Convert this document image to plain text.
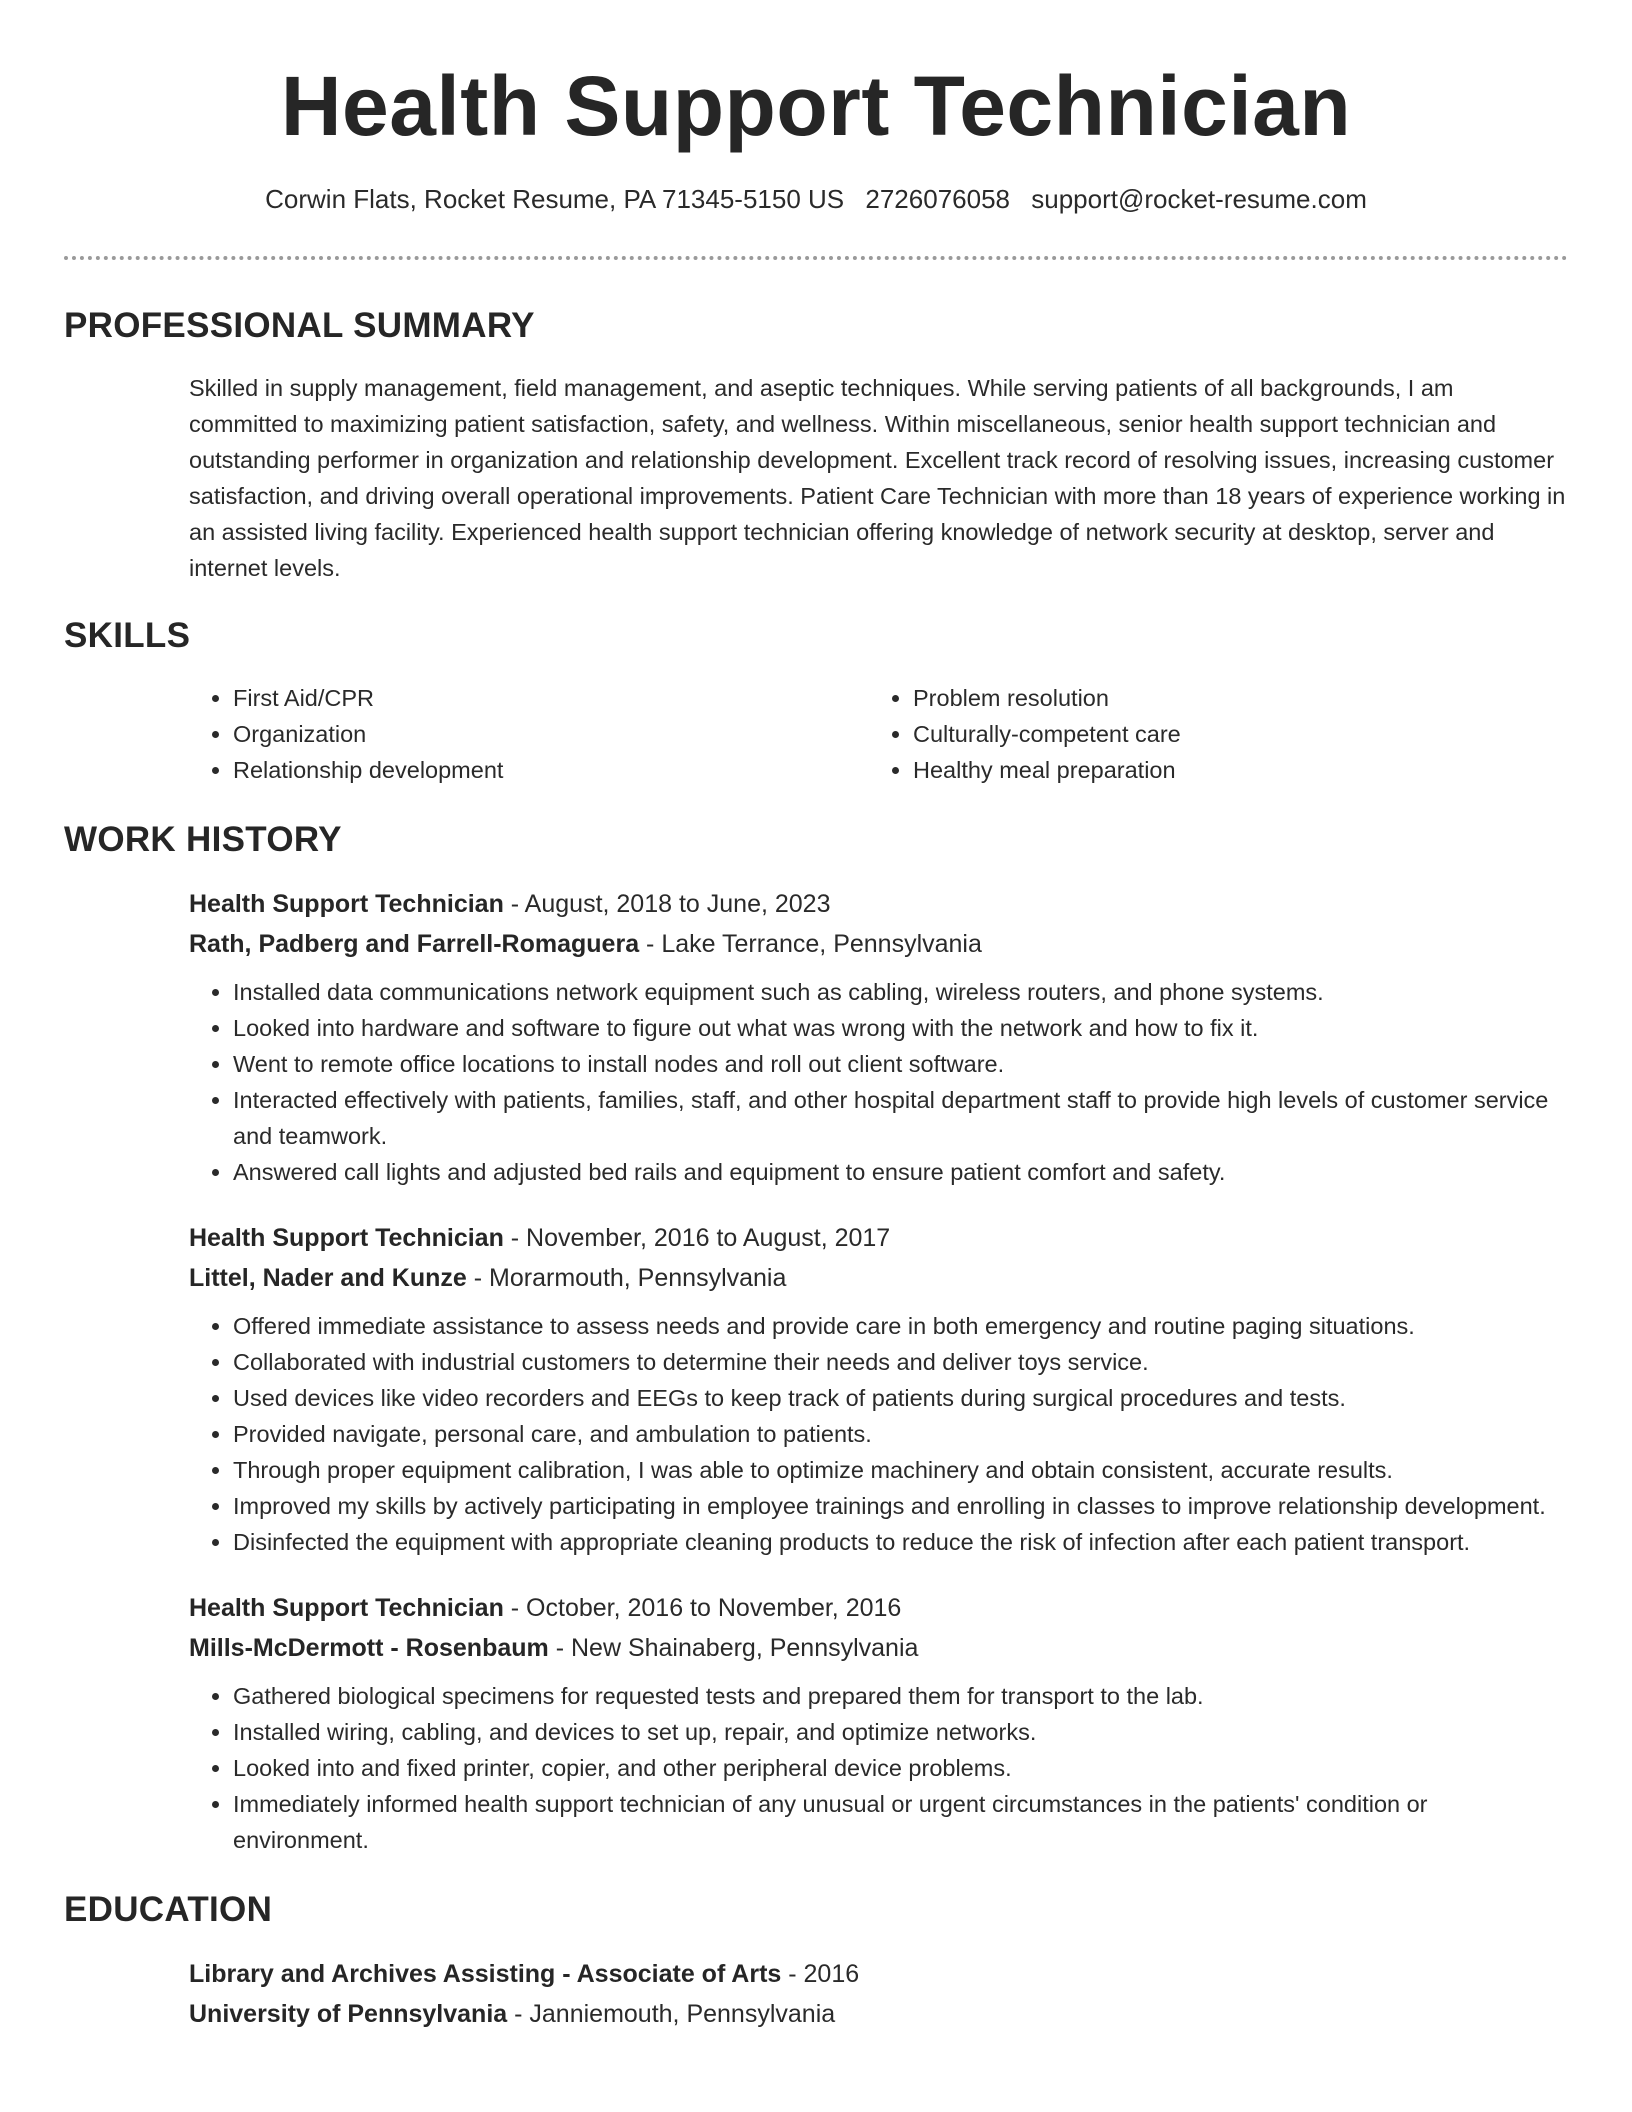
Health Support Technician
Corwin Flats, Rocket Resume, PA 71345-5150 US 2726076058 support@rocket-resume.com
PROFESSIONAL SUMMARY

Skilled in supply management, field management, and aseptic techniques. While serving patients of all backgrounds, I am committed to maximizing patient satisfaction, safety, and wellness. Within miscellaneous, senior health support technician and outstanding performer in organization and relationship development. Excellent track record of resolving issues, increasing customer satisfaction, and driving overall operational improvements. Patient Care Technician with more than 18 years of experience working in an assisted living facility. Experienced health support technician offering knowledge of network security at desktop, server and internet levels.

SKILLS
• First Aid/CPR
• Organization
• Relationship development
• Problem resolution
• Culturally-competent care
• Healthy meal preparation
WORK HISTORY
Health Support Technician - August, 2018 to June, 2023
Rath, Padberg and Farrell-Romaguera - Lake Terrance, Pennsylvania
• Installed data communications network equipment such as cabling, wireless routers, and phone systems.
• Looked into hardware and software to figure out what was wrong with the network and how to fix it.
• Went to remote office locations to install nodes and roll out client software.
• Interacted effectively with patients, families, staff, and other hospital department staff to provide high levels of customer service and teamwork.
• Answered call lights and adjusted bed rails and equipment to ensure patient comfort and safety.
Health Support Technician - November, 2016 to August, 2017
Littel, Nader and Kunze - Morarmouth, Pennsylvania
• Offered immediate assistance to assess needs and provide care in both emergency and routine paging situations.
• Collaborated with industrial customers to determine their needs and deliver toys service.
• Used devices like video recorders and EEGs to keep track of patients during surgical procedures and tests.
• Provided navigate, personal care, and ambulation to patients.
• Through proper equipment calibration, I was able to optimize machinery and obtain consistent, accurate results.
• Improved my skills by actively participating in employee trainings and enrolling in classes to improve relationship development.
• Disinfected the equipment with appropriate cleaning products to reduce the risk of infection after each patient transport.
Health Support Technician - October, 2016 to November, 2016
Mills-McDermott - Rosenbaum - New Shainaberg, Pennsylvania
• Gathered biological specimens for requested tests and prepared them for transport to the lab.
• Installed wiring, cabling, and devices to set up, repair, and optimize networks.
• Looked into and fixed printer, copier, and other peripheral device problems.
• Immediately informed health support technician of any unusual or urgent circumstances in the patients' condition or environment.
EDUCATION
Library and Archives Assisting - Associate of Arts - 2016
University of Pennsylvania - Janniemouth, Pennsylvania
